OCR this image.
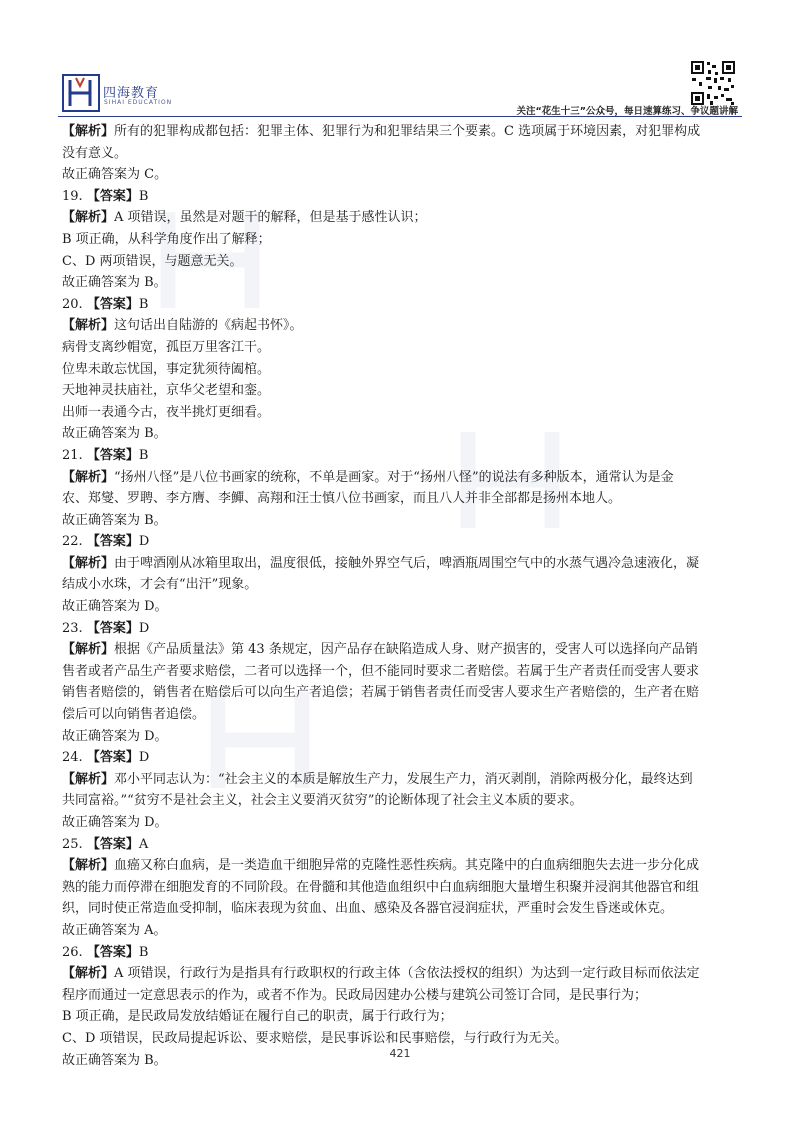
四海教育
SIHAI EDUCATION
关注“花生十三”公众号，每日速算练习、争议题讲解
【解析】所有的犯罪构成都包括：犯罪主体、犯罪行为和犯罪结果三个要素。C 选项属于环境因素，对犯罪构成
没有意义。
故正确答案为 C。
19. 【答案】B
【解析】A 项错误，虽然是对题干的解释，但是基于感性认识；
B 项正确，从科学角度作出了解释；
C、D 两项错误，与题意无关。
故正确答案为 B。
20. 【答案】B
【解析】这句话出自陆游的《病起书怀》。
病骨支离纱帽宽，孤臣万里客江干。
位卑未敢忘忧国，事定犹须待阖棺。
天地神灵扶庙社，京华父老望和銮。
出师一表通今古，夜半挑灯更细看。
故正确答案为 B。
21. 【答案】B
【解析】“扬州八怪”是八位书画家的统称，不单是画家。对于“扬州八怪”的说法有多种版本，通常认为是金
农、郑燮、罗聘、李方膺、李鱓、高翔和汪士慎八位书画家，而且八人并非全部都是扬州本地人。
故正确答案为 B。
22. 【答案】D
【解析】由于啤酒刚从冰箱里取出，温度很低，接触外界空气后，啤酒瓶周围空气中的水蒸气遇冷急速液化，凝
结成小水珠，才会有“出汗”现象。
故正确答案为 D。
23. 【答案】D
【解析】根据《产品质量法》第 43 条规定，因产品存在缺陷造成人身、财产损害的，受害人可以选择向产品销
售者或者产品生产者要求赔偿，二者可以选择一个，但不能同时要求二者赔偿。若属于生产者责任而受害人要求
销售者赔偿的，销售者在赔偿后可以向生产者追偿；若属于销售者责任而受害人要求生产者赔偿的，生产者在赔
偿后可以向销售者追偿。
故正确答案为 D。
24. 【答案】D
【解析】邓小平同志认为：“社会主义的本质是解放生产力，发展生产力，消灭剥削，消除两极分化，最终达到
共同富裕。”“贫穷不是社会主义，社会主义要消灭贫穷”的论断体现了社会主义本质的要求。
故正确答案为 D。
25. 【答案】A
【解析】血癌又称白血病，是一类造血干细胞异常的克隆性恶性疾病。其克隆中的白血病细胞失去进一步分化成
熟的能力而停滞在细胞发育的不同阶段。在骨髓和其他造血组织中白血病细胞大量增生积聚并浸润其他器官和组
织，同时使正常造血受抑制，临床表现为贫血、出血、感染及各器官浸润症状，严重时会发生昏迷或休克。
故正确答案为 A。
26. 【答案】B
【解析】A 项错误，行政行为是指具有行政职权的行政主体（含依法授权的组织）为达到一定行政目标而依法定
程序而通过一定意思表示的作为，或者不作为。民政局因建办公楼与建筑公司签订合同，是民事行为；
B 项正确，是民政局发放结婚证在履行自己的职责，属于行政行为；
C、D 项错误，民政局提起诉讼、要求赔偿，是民事诉讼和民事赔偿，与行政行为无关。
故正确答案为 B。	421
